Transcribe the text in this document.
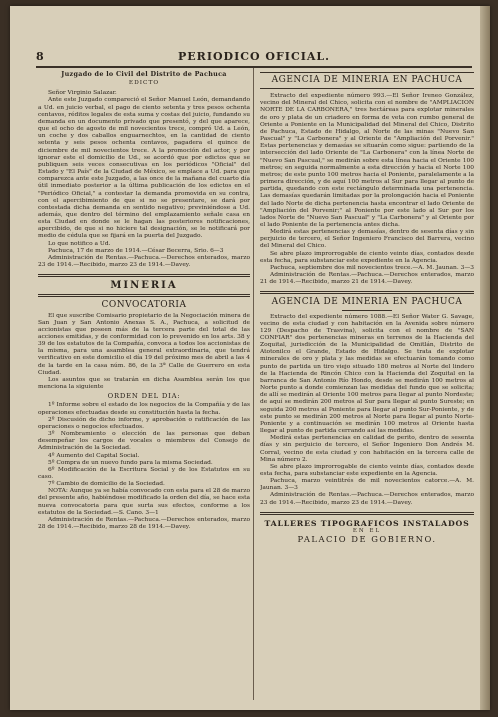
8	PERIODICO OFICIAL.
Juzgado de lo Civil del Distrito de Pachuca
EDICTO

Señor Virginio Salazar.

Ante este Juzgado compareció el Señor Manuel León, demandando a Ud. en juicio verbal, el pago de ciento setenta y tres pesos ochenta centavos, réditos legales de esta suma y costas del juicio, fundando su demanda en un documento privado que presentó, y del que aparece, que el ocho de agosto de mil novecientos trece, compró Ud. a León, un coche y dos caballos enguarnechtos, en la cantidad de ciento setenta y seis pesos ochenta centavos, pagadera el quince de diciembre de mil novecientos trece. A la promoción del actor, y por ignorar este el domicilio de Ud., se acordó que por edictos que se publiquen seis veces consecutivas en los periódicos "Oficial" del Estado y "El País" de la Ciudad de México, se emplace a Ud. para que comparezca ante este Juzgado, a las once de la mañana del cuarto día útil inmediato posterior a la última publicación de los edictos en el "Periódico Oficial," a contestar la demanda promovida en su contra, con el apercibimiento de que si no se presentare, se dará por contestada dicha demanda en sentido negativo; previniéndose a Ud. además, que dentro del término del emplazamiento señale casa en esta Ciudad en donde se le hagan las posteriores notificaciones, apercibido, de que si no hiciere tal designación, se le notificará por medio de cédula que se fijará en la puerta del Juzgado.

Lo que notifico a Ud.

Pachuca, 17 de marzo de 1914.—César Becerra, Srio. 6—3

Administración de Rentas.—Pachuca.—Derechos enterados, marzo 23 de 1914.—Recibido, marzo 23 de 1914.—Davey.

MINERIA
CONVOCATORIA

El que suscribe Comisario propietario de la Negociación minera de San Juan y San Antonio Anexas S. A., Pachuca, a solicitud de accionistas que poseen más de la tercera parte del total de las acciones emitidas, y de conformidad con lo prevenido en los arts. 38 y 39 de los estatutos de la Compañía, convoca a todos los accionistas de la misma, para una asamblea general extraordinaria, que tendrá verificativo en este domicilio el día 19 del próximo mes de abril a las 4 de la tarde en la casa núm. 86, de la 3ª Calle de Guerrero en esta Ciudad.

Los asuntos que se tratarán en dicha Asamblea serán los que menciona la siguiente

ORDEN DEL DIA:

1º Informe sobre el estado de los negocios de la Compañía y de las operaciones efectuadas desde su constitución hasta la fecha.

2º Discusión de dicho informe, y aprobación o ratificación de las operaciones o negocios efectuados.

3º Nombramiento o elección de las personas que deban desempeñar los cargos de vocales o miembros del Consejo de Administración de la Sociedad.

4º Aumento del Capital Social.

5º Compra de un nuevo fundo para la misma Sociedad.

6º Modificación de la Escritura Social y de los Estatutos en su caso.

7º Cambio de domicilio de la Sociedad.

NOTA: Aunque ya se había convocado con esta para el 28 de marzo del presente año, habiéndose modificado la orden del día, se hace esta nueva convocatoria para que surta sus efectos, conforme a los estatutos de la Sociedad.—S. Cano. 3—1

Administración de Rentas.—Pachuca.—Derechos enterados, marzo 28 de 1914.—Recibido, marzo 28 de 1914.—Davey.

AGENCIA DE MINERIA EN PACHUCA

Extracto del expediente número 993.—El Señor Ireneo González, vecino del Mineral del Chico, solicita con el nombre de "AMPLIACION NORTE DE LA CARBONERA," tres hectáreas para explotar minerales de oro y plata de un criadero en forma de veta con rumbo general de Oriente a Poniente en la Municipalidad del Mineral del Chico, Distrito de Pachuca, Estado de Hidalgo, al Norte de las minas "Nuevo San Pascual" y "La Carbonera" y al Oriente de "Ampliación del Porvenir." Estas pertenencias y demasías se situarán como sigue: partiendo de la intersección del lado Oriente de "La Carbonera" con la línea Norte de "Nuevo San Pascual," se medirán sobre esta línea hacia el Oriente 100 metros; en seguida normalmente a esta dirección y hacia el Norte 100 metros; de este punto 100 metros hacia el Poniente, paralelamente a la primera dirección, y de aquí 100 metros al Sur para llegar al punto de partida, quedando con este rectángulo determinada una pertenencia. Las demasías quedarán limitadas por la prolongación hacia el Poniente del lado Norte de dicha pertenencia hasta encontrar el lado Oriente de "Ampliación del Porvenir;" al Poniente por este lado al Sur por los lados Norte de "Nuevo San Pascual" y "La Carbonera" y al Oriente por el lado Poniente de la pertenencia antes dicha.

Medirá estas pertenencias y demasías, dentro de sesenta días y sin perjuicio de tercero, el Señor Ingeniero Francisco del Barrera, vecino del Mineral del Chico.

Se abre plazo improrrogable de ciento veinte días, contados desde esta fecha, para substanciar este expediente en la Agencia.

Pachuca, septiembre dos mil novecientos trece.—A. M. Jaunan. 3—3

Administración de Rentas.—Pachuca.—Derechos enterados, marzo 21 de 1914.—Recibido, marzo 21 de 1914.—Davey.

AGENCIA DE MINERIA EN PACHUCA

Extracto del expediente número 1088.—El Señor Water G. Savage, vecino de esta ciudad y con habitación en la Avenida sobre número 129 (Despacho de Trasvina), solicita con el nombre de "SAN CONFIAR" dos pertenencias mineras en terrenos de la Hacienda del Zoquital, jurisdicción de la Municipalidad de Omitlán, Distrito de Atotonilco el Grande, Estado de Hidalgo. Se trata de explotar minerales de oro y plata y las medidas se efectuarán tomando como punto de partida un tiro viejo situado 180 metros al Norte del lindero de la Hacienda de Rincón Chico con la Hacienda del Zoquital en la barranca de San Antonio Río Hondo, desde se medirán 100 metros al Norte punto a donde comienzan las medidas del fundo que se solicita; de allí se medirán al Oriente 100 metros para llegar al punto Nordeste; de aquí se medirán 200 metros al Sur para llegar al punto Sureste; en seguida 200 metros al Poniente para llegar al punto Sur-Poniente, y de este punto se medirán 200 metros al Norte para llegar al punto Norte-Poniente y a continuación se medirán 100 metros al Oriente hasta llegar al punto de partida cerrando así las medidas.

Medirá estas pertenencias en calidad de perito, dentro de sesenta días y sin perjuicio de tercero, el Señor Ingeniero Don Andrés M. Corral, vecino de esta ciudad y con habitación en la tercera calle de Mina número 2.

Se abre plazo improrrogable de ciento veinte días, contados desde esta fecha, para substanciar este expediente en la Agencia.

Pachuca, marzo veintitrés de mil novecientos catorce.—A. M. Jaunan. 3—3

Administración de Rentas.—Pachuca.—Derechos enterados, marzo 23 de 1914.—Recibido, marzo 23 de 1914.—Davey.

TALLERES TIPOGRAFICOS INSTALADOS
EN EL
PALACIO DE GOBIERNO.
